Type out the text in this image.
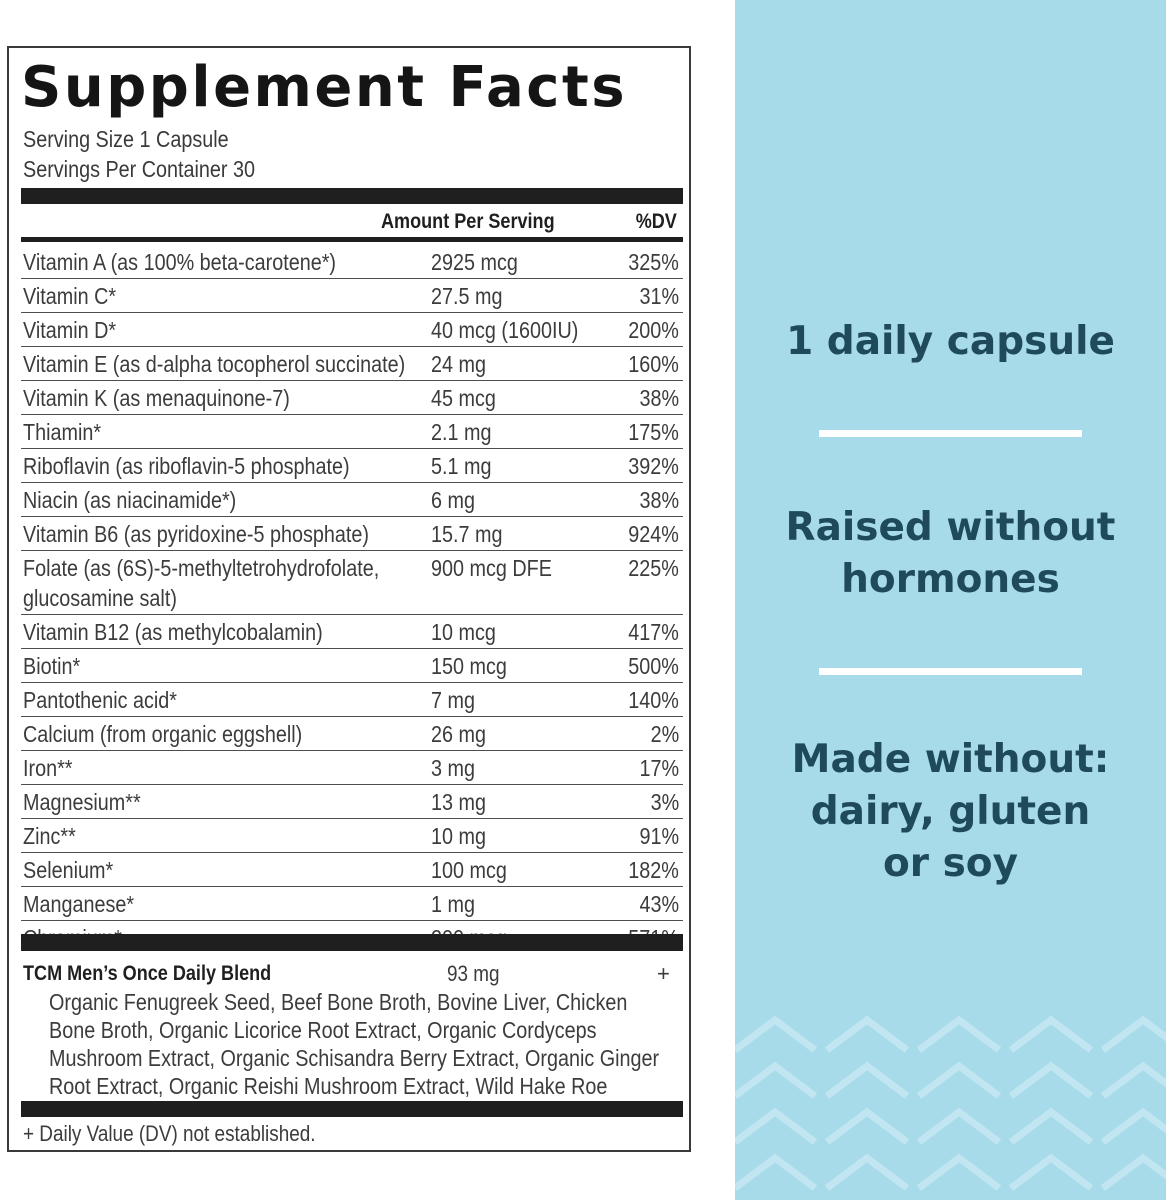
Supplement Facts
Serving Size 1 Capsule
Servings Per Container 30
Amount Per Serving	%DV
Vitamin A (as 100% beta-carotene*)	2925 mcg	325%
Vitamin C*	27.5 mg	31%
Vitamin D*	40 mcg (1600IU) 200%
Vitamin E (as d-alpha tocopherol succinate) 24 mg	160%
Vitamin K (as menaquinone-7)	45 mcg	38%
Thiamin*	2.1 mg	175%
Riboflavin (as riboflavin-5 phosphate)	5.1 mg	392%
Niacin (as niacinamide*)	6 mg	38%
Vitamin B6 (as pyridoxine-5 phosphate)	15.7 mg	924%
Folate (as (6S)-5-methyltetrohydrofolate, glucosamine salt)
900 mcg DFE	225%
Vitamin B12 (as methylcobalamin)	10 mcg	417%
Biotin*	150 mcg	500%
Pantothenic acid*	7 mg	140%
Calcium (from organic eggshell)	26 mg	2%
Iron**	3 mg	17%
Magnesium**	13 mg	3%
Zinc**	10 mg	91%
Selenium*	100 mcg	182%
Manganese*	1 mg	43%
TCM Men’s Once Daily Blend	93 mg	+
Organic Fenugreek Seed, Beef Bone Broth, Bovine Liver, Chicken Bone Broth, Organic Licorice Root Extract, Organic Cordyceps Mushroom Extract, Organic Schisandra Berry Extract, Organic Ginger Root Extract, Organic Reishi Mushroom Extract, Wild Hake Roe
+ Daily Value (DV) not established.
1 daily capsule
Raised without
hormones
Made without:
dairy, gluten
or soy
